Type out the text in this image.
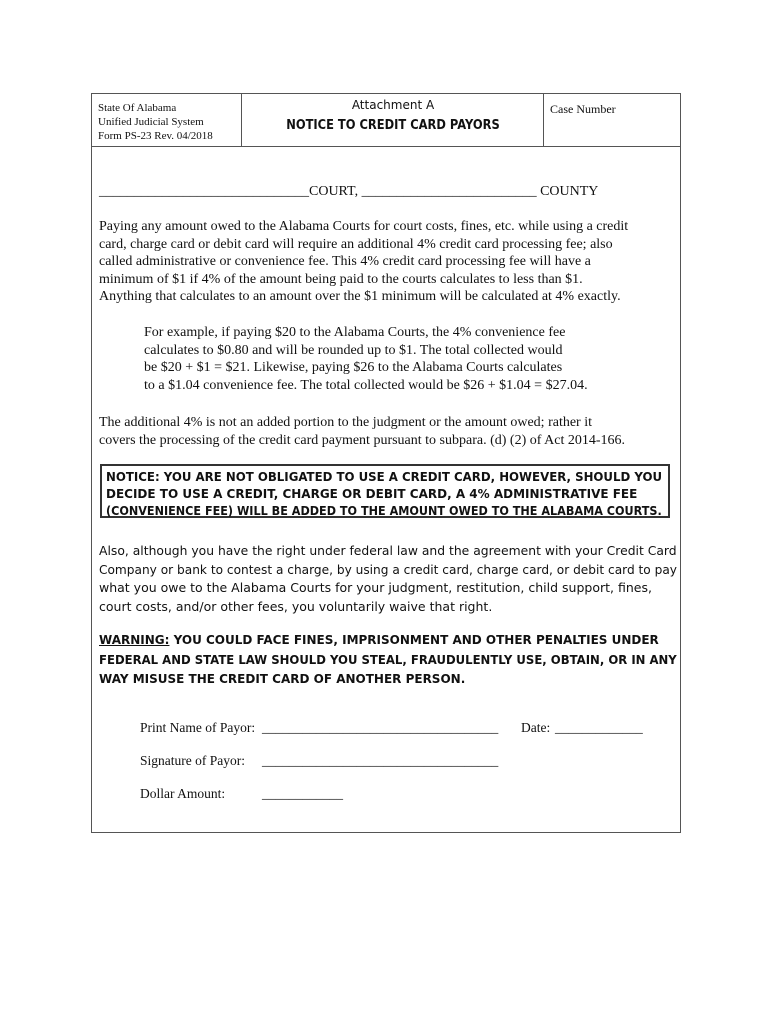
State Of Alabama
Unified Judicial System
Form PS-23 Rev. 04/2018
Attachment A
NOTICE TO CREDIT CARD PAYORS
Case Number
______________________________COURT, _________________________ COUNTY
Paying any amount owed to the Alabama Courts for court costs, fines, etc. while using a credit
card, charge card or debit card will require an additional 4% credit card processing fee; also
called administrative or convenience fee. This 4% credit card processing fee will have a
minimum of $1 if 4% of the amount being paid to the courts calculates to less than $1.
Anything that calculates to an amount over the $1 minimum will be calculated at 4% exactly.
For example, if paying $20 to the Alabama Courts, the 4% convenience fee
calculates to $0.80 and will be rounded up to $1. The total collected would
be $20 + $1 = $21. Likewise, paying $26 to the Alabama Courts calculates
to a $1.04 convenience fee. The total collected would be $26 + $1.04 = $27.04.
The additional 4% is not an added portion to the judgment or the amount owed; rather it
covers the processing of the credit card payment pursuant to subpara. (d) (2) of Act 2014-166.
NOTICE: YOU ARE NOT OBLIGATED TO USE A CREDIT CARD, HOWEVER, SHOULD YOU
DECIDE TO USE A CREDIT, CHARGE OR DEBIT CARD, A 4% ADMINISTRATIVE FEE
(CONVENIENCE FEE) WILL BE ADDED TO THE AMOUNT OWED TO THE ALABAMA COURTS.
Also, although you have the right under federal law and the agreement with your Credit Card
Company or bank to contest a charge, by using a credit card, charge card, or debit card to pay
what you owe to the Alabama Courts for your judgment, restitution, child support, fines,
court costs, and/or other fees, you voluntarily waive that right.
WARNING: YOU COULD FACE FINES, IMPRISONMENT AND OTHER PENALTIES UNDER
FEDERAL AND STATE LAW SHOULD YOU STEAL, FRAUDULENTLY USE, OBTAIN, OR IN ANY
WAY MISUSE THE CREDIT CARD OF ANOTHER PERSON.
Print Name of Payor: ___________________________________ Date: _____________
Signature of Payor: ___________________________________
Dollar Amount:	____________
